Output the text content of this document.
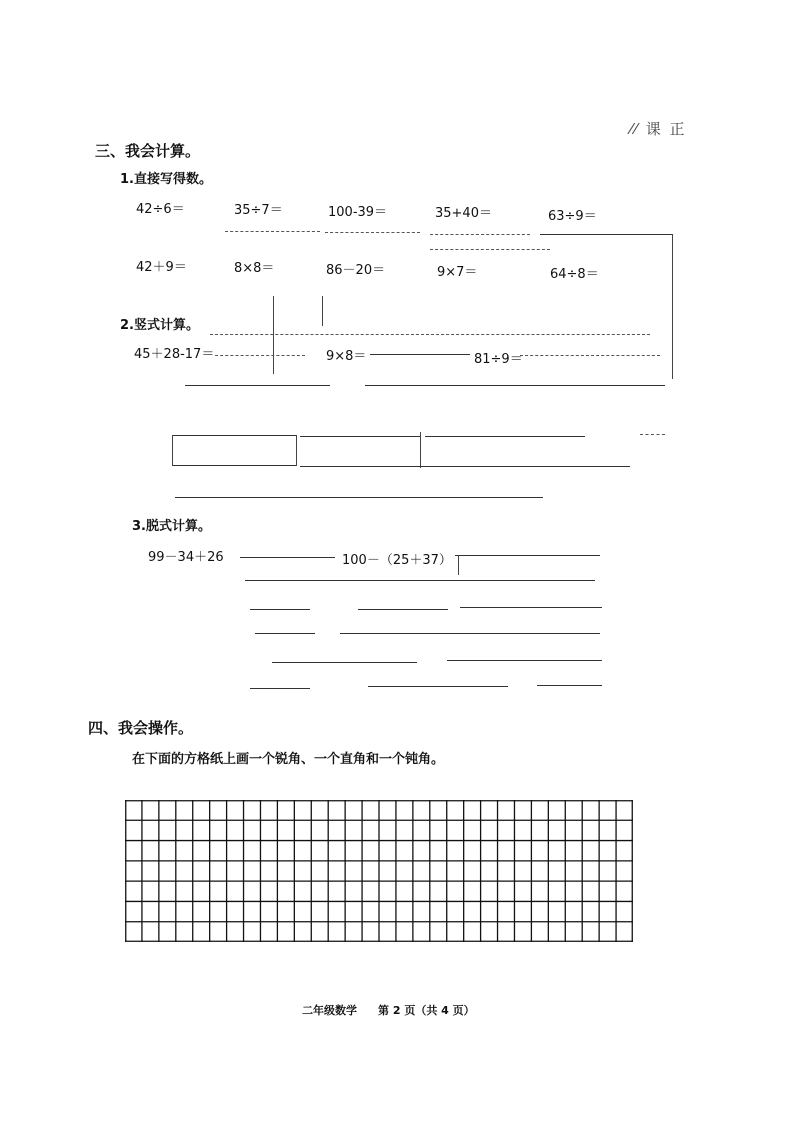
⁄⁄ 课 正
三、我会计算。
1.直接写得数。
42÷6＝	35÷7＝	100-39＝	35+40＝	63÷9＝
42＋9＝	8×8＝	86－20＝	9×7＝	64÷8＝
2.竖式计算。
45＋28-17＝	9×8＝	81÷9＝
3.脱式计算。
99－34＋26	100－（25＋37）
四、我会操作。
在下面的方格纸上画一个锐角、一个直角和一个钝角。
二年级数学 第 2 页（共 4 页）
